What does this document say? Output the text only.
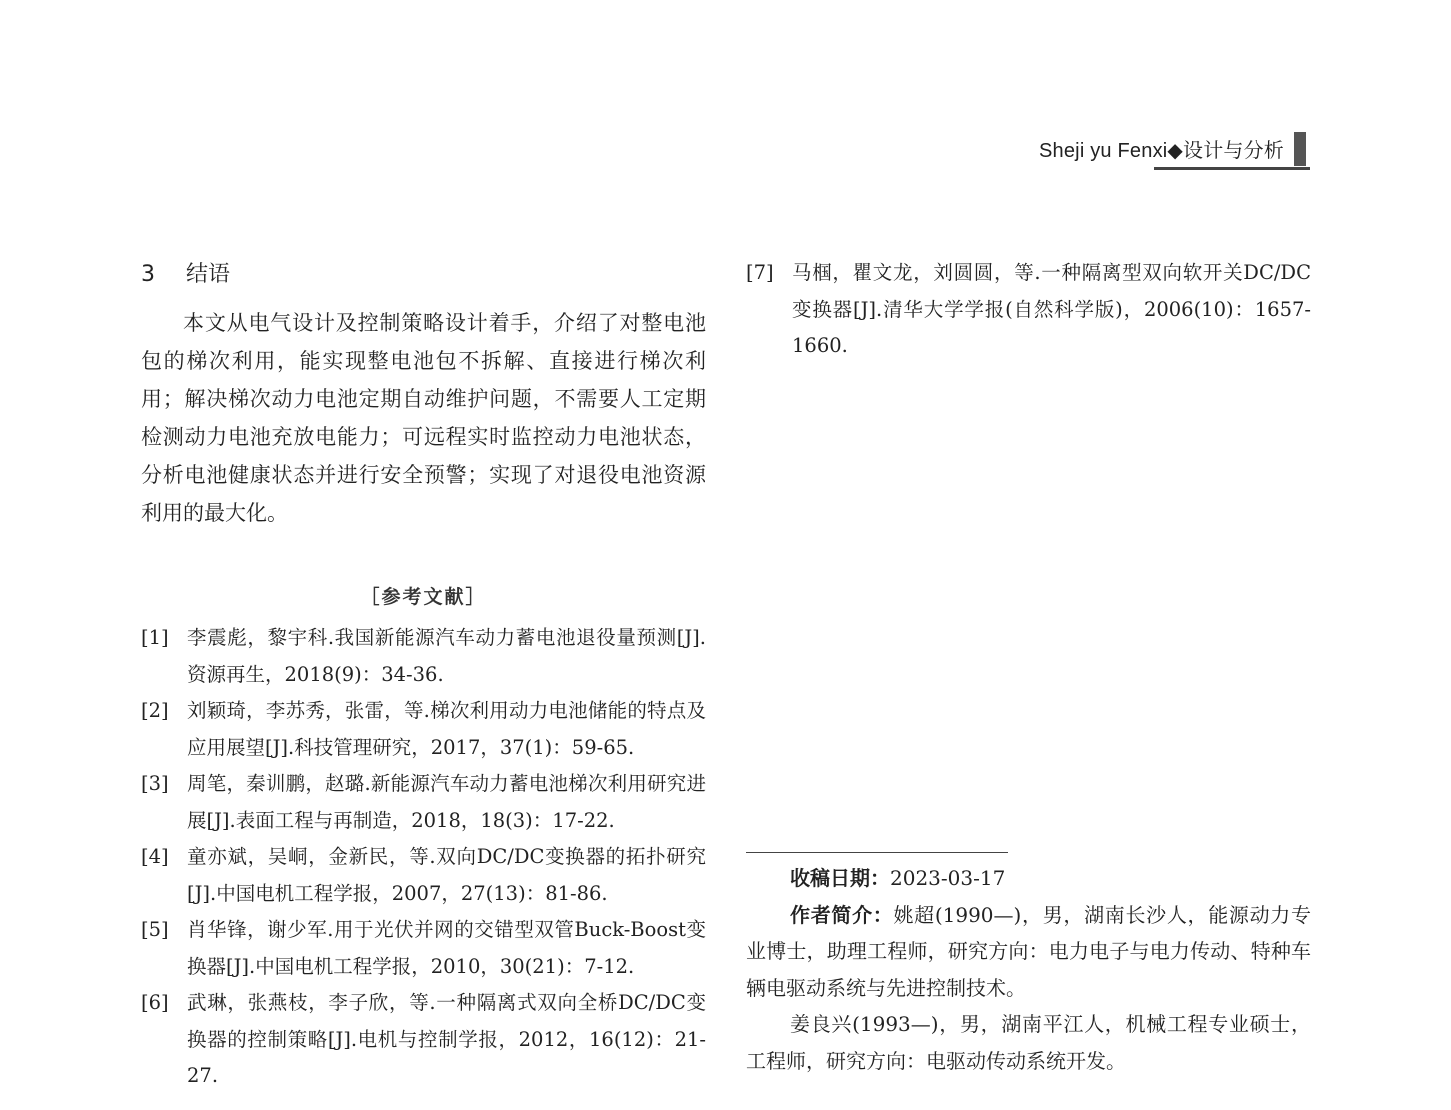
Sheji yu Fenxi◆设计与分析
3 结语

本文从电气设计及控制策略设计着手，介绍了对整电池包的梯次利用，能实现整电池包不拆解、直接进行梯次利用；解决梯次动力电池定期自动维护问题，不需要人工定期检测动力电池充放电能力；可远程实时监控动力电池状态，分析电池健康状态并进行安全预警；实现了对退役电池资源利用的最大化。

［参考文献］
[1] 李震彪，黎宇科.我国新能源汽车动力蓄电池退役量预测[J].资源再生，2018(9)：34-36.
[2] 刘颖琦，李苏秀，张雷，等.梯次利用动力电池储能的特点及应用展望[J].科技管理研究，2017，37(1)：59-65.
[3] 周笔，秦训鹏，赵璐.新能源汽车动力蓄电池梯次利用研究进展[J].表面工程与再制造，2018，18(3)：17-22.
[4] 童亦斌，吴峒，金新民，等.双向DC/DC变换器的拓扑研究[J].中国电机工程学报，2007，27(13)：81-86.
[5] 肖华锋，谢少军.用于光伏并网的交错型双管Buck-Boost变换器[J].中国电机工程学报，2010，30(21)：7-12.
[6] 武琳，张燕枝，李子欣，等.一种隔离式双向全桥DC/DC变换器的控制策略[J].电机与控制学报，2012，16(12)：21-27.
[7] 马椢，瞿文龙，刘圆圆，等.一种隔离型双向软开关DC/DC变换器[J].清华大学学报(自然科学版)，2006(10)：1657-1660.

收稿日期：2023-03-17

作者简介：姚超(1990—)，男，湖南长沙人，能源动力专业博士，助理工程师，研究方向：电力电子与电力传动、特种车辆电驱动系统与先进控制技术。

姜良兴(1993—)，男，湖南平江人，机械工程专业硕士，工程师，研究方向：电驱动传动系统开发。
